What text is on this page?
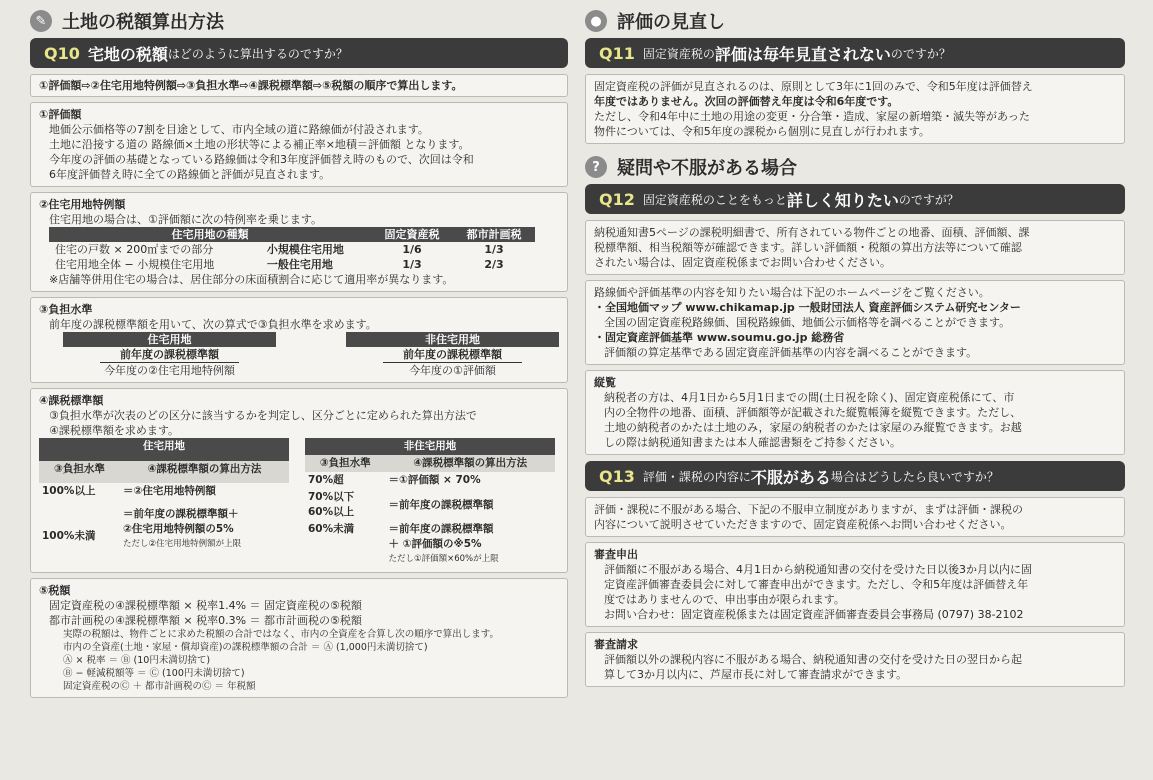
✎ 土地の税額算出方法
Q10 宅地の税額 はどのように算出するのですか？
①評価額⇨②住宅用地特例額⇨③負担水準⇨④課税標準額⇨⑤税額の順序で算出します。

①評価額

地価公示価格等の7割を目途として、市内全域の道に路線価が付設されます。

土地に沿接する道の 路線価×土地の形状等による補正率×地積＝評価額 となります。

今年度の評価の基礎となっている路線価は令和3年度評価替え時のもので、次回は令和

6年度評価替え時に全ての路線価と評価が見直されます。

②住宅用地特例額

住宅用地の場合は、①評価額に次の特例率を乗じます。

住宅用地の種類		固定資産税	都市計画税
住宅の戸数 × 200㎡までの部分	小規模住宅用地	1/6	1/3
住宅用地全体 − 小規模住宅用地	一般住宅用地	1/3	2/3

※店舗等併用住宅の場合は、居住部分の床面積割合に応じて適用率が異なります。

③負担水準

前年度の課税標準額を用いて、次の算式で③負担水準を求めます。

住宅用地
前年度の課税標準額
今年度の②住宅用地特例額
非住宅用地
前年度の課税標準額
今年度の①評価額

④課税標準額

③負担水準が次表のどの区分に該当するかを判定し、区分ごとに定められた算出方法で

④課税標準額を求めます。

住宅用地	
③負担水準	④課税標準額の算出方法
100%以上	＝②住宅用地特例額
100%未満	＝前年度の課税標準額＋
②住宅用地特例額の5%
ただし②住宅用地特例額が上限
非住宅用地	
③負担水準	④課税標準額の算出方法
70%超	＝①評価額 × 70%

70%以下
60%以上	＝前年度の課税標準額
60%未満	＝前年度の課税標準額
＋ ①評価額の※5%
ただし①評価額×60%が上限

⑤税額

固定資産税の④課税標準額 × 税率1.4% ＝ 固定資産税の⑤税額

都市計画税の④課税標準額 × 税率0.3% ＝ 都市計画税の⑤税額

実際の税額は、物件ごとに求めた税額の合計ではなく、市内の全資産を合算し次の順序で算出します。

市内の全資産(土地・家屋・償却資産)の課税標準額の合計 ＝ Ⓐ (1,000円未満切捨て)

Ⓐ × 税率 ＝ Ⓑ (10円未満切捨て)

Ⓑ − 軽減税額等 ＝ Ⓒ (100円未満切捨て)

固定資産税のⒸ ＋ 都市計画税のⒸ ＝ 年税額

● 評価の見直し
Q11 固定資産税の 評価は毎年見直されない のですか？

固定資産税の評価が見直されるのは、原則として3年に1回のみで、令和5年度は評価替え

年度ではありません。次回の評価替え年度は令和6年度です。

ただし、令和4年中に土地の用途の変更・分合筆・造成、家屋の新増築・滅失等があった

物件については、令和5年度の課税から個別に見直しが行われます。

? 疑問や不服がある場合
Q12 固定資産税のことをもっと 詳しく知りたい のですが？

納税通知書5ページの課税明細書で、所有されている物件ごとの地番、面積、評価額、課

税標準額、相当税額等が確認できます。詳しい評価額・税額の算出方法等について確認

されたい場合は、固定資産税係までお問い合わせください。

路線価や評価基準の内容を知りたい場合は下記のホームページをご覧ください。

・全国地価マップ www.chikamap.jp 一般財団法人 資産評価システム研究センター

全国の固定資産税路線価、国税路線価、地価公示価格等を調べることができます。

・固定資産評価基準 www.soumu.go.jp 総務省

評価額の算定基準である固定資産評価基準の内容を調べることができます。

縦覧

納税者の方は、4月1日から5月1日までの間(土日祝を除く)、固定資産税係にて、市

内の全物件の地番、面積、評価額等が記載された縦覧帳簿を縦覧できます。ただし、

土地の納税者のかたは土地のみ，家屋の納税者のかたは家屋のみ縦覧できます。お越

しの際は納税通知書または本人確認書類をご持参ください。

Q13 評価・課税の内容に 不服がある 場合はどうしたら良いですか？

評価・課税に不服がある場合、下記の不服申立制度がありますが、まずは評価・課税の

内容について説明させていただきますので、固定資産税係へお問い合わせください。

審査申出

評価額に不服がある場合、4月1日から納税通知書の交付を受けた日以後3か月以内に固

定資産評価審査委員会に対して審査申出ができます。ただし、令和5年度は評価替え年

度ではありませんので、申出事由が限られます。

お問い合わせ：固定資産税係または固定資産評価審査委員会事務局 (0797) 38-2102

審査請求

評価額以外の課税内容に不服がある場合、納税通知書の交付を受けた日の翌日から起

算して3か月以内に、芦屋市長に対して審査請求ができます。
